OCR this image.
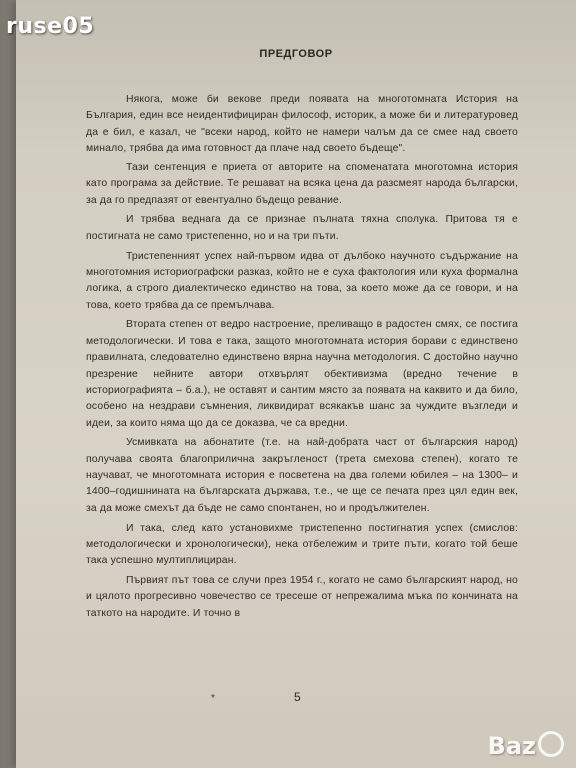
ПРЕДГОВОР

Някога, може би вековe преди появата на многотомната История на България, един все неидентифициран философ, историк, а може би и литературовед да е бил, е казал, че "всеки народ, който не намери чалъм да се смее над своето минало, трябва да има готовност да плаче над своето бъдеще".

Тази сентенция е приета от авторите на споменатата многотомна история като програма за действие. Те решават на всяка цена да разсмеят народа български, за да го предпазят от евентуално бъдещо ревание.

И трябва веднага да се признае пълната тяхна сполука. Притова тя е постигната не само тристепенно, но и на три пъти.

Тристепенният успех най-първом идва от дълбоко научното съдържание на многотомния историографски разказ, който не е суха фактология или куха формална логика, а строго диалектическо единство на това, за което може да се говори, и на това, което трябва да се премълчава.

Втората степен от ведро настроение, преливащо в радостен смях, се постига методологически. И това е така, защото многотомната история борави с единствено правилната, следователно единствено вярна научна методология. С достойно научно презрение нейните автори отхвърлят обективизма (вредно течение в историографията – б.а.), не оставят и сантим място за появата на каквито и да било, особено на нездрави съмнения, ликвидират всякакъв шанс за чуждите възгледи и идеи, за които няма що да се доказва, че са вредни.

Усмивката на абонатите (т.е. на най-добрата част от българския народ) получава своята благоприлична закръгленост (трета смехова степен), когато те научават, че многотомната история е посветена на два големи юбилея – на 1300– и 1400–годишнината на българската държава, т.е., че ще се печата през цял един век, за да може смехът да бъде не само спонтанен, но и продължителен.

И така, след като установихме тристепенно постигнатия успех (смислов: методологически и хронологически), нека отбележим и трите пъти, когато той беше така успешно мултиплициран.

Първият път това се случи през 1954 г., когато не само българският народ, но и цялото прогресивно човечество се тресеше от непрежалима мъка по кончината на таткото на народите. И точно в

*	5
ruse05
Baz
